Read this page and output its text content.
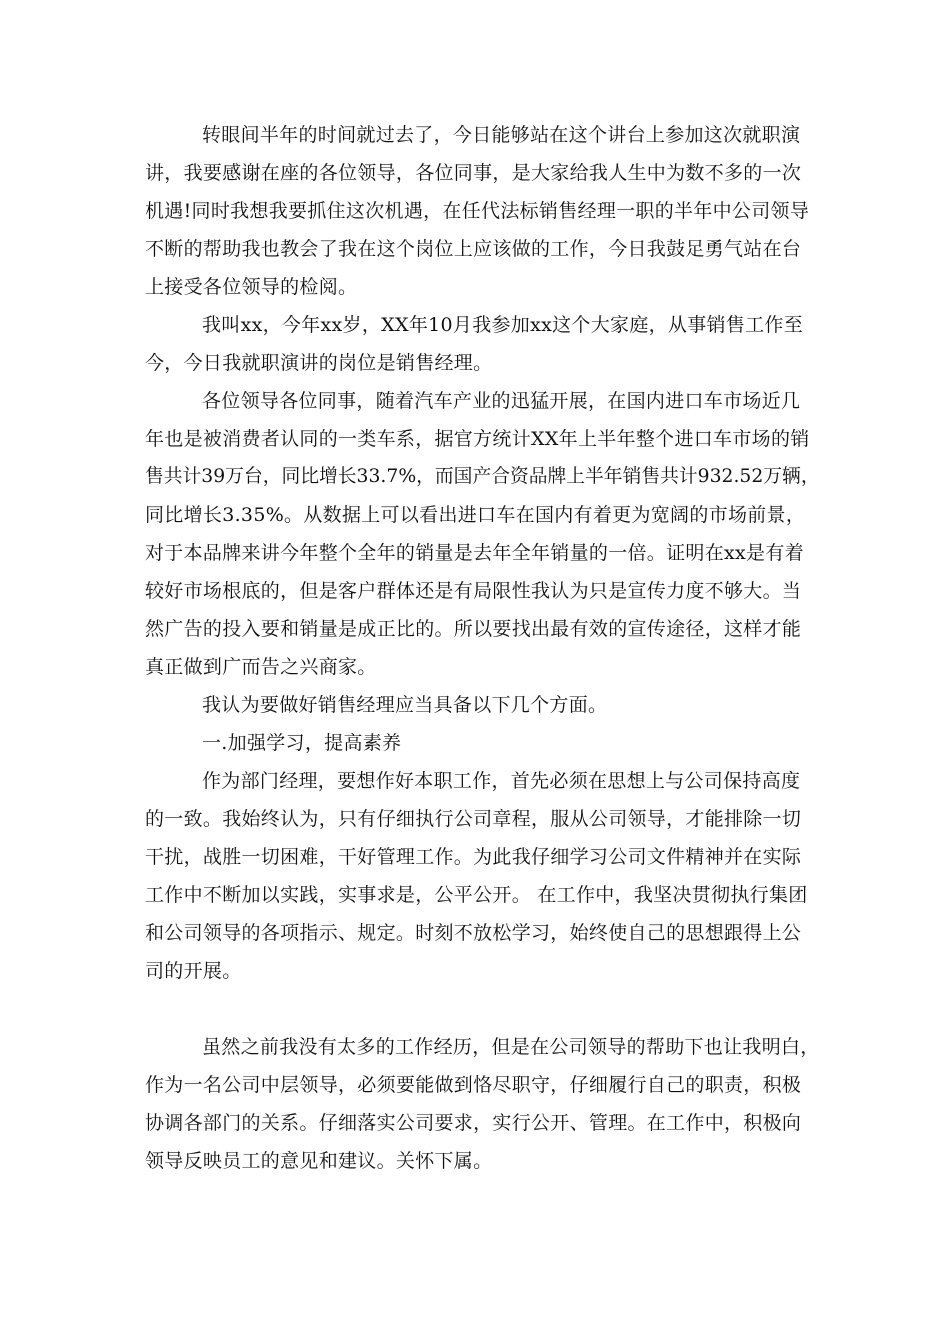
转眼间半年的时间就过去了，今日能够站在这个讲台上参加这次就职演
讲，我要感谢在座的各位领导，各位同事，是大家给我人生中为数不多的一次
机遇!同时我想我要抓住这次机遇，在任代法标销售经理一职的半年中公司领导
不断的帮助我也教会了我在这个岗位上应该做的工作，今日我鼓足勇气站在台
上接受各位领导的检阅。
我叫xx，今年xx岁，XX年10月我参加xx这个大家庭，从事销售工作至
今，今日我就职演讲的岗位是销售经理。
各位领导各位同事，随着汽车产业的迅猛开展，在国内进口车市场近几
年也是被消费者认同的一类车系，据官方统计XX年上半年整个进口车市场的销
售共计39万台，同比增长33.7%，而国产合资品牌上半年销售共计932.52万辆，
同比增长3.35%。从数据上可以看出进口车在国内有着更为宽阔的市场前景，
对于本品牌来讲今年整个全年的销量是去年全年销量的一倍。证明在xx是有着
较好市场根底的，但是客户群体还是有局限性我认为只是宣传力度不够大。当
然广告的投入要和销量是成正比的。所以要找出最有效的宣传途径，这样才能
真正做到广而告之兴商家。
我认为要做好销售经理应当具备以下几个方面。
一.加强学习，提高素养
作为部门经理，要想作好本职工作，首先必须在思想上与公司保持高度
的一致。我始终认为，只有仔细执行公司章程，服从公司领导，才能排除一切
干扰，战胜一切困难，干好管理工作。为此我仔细学习公司文件精神并在实际
工作中不断加以实践，实事求是，公平公开。 在工作中，我坚决贯彻执行集团
和公司领导的各项指示、规定。时刻不放松学习，始终使自己的思想跟得上公
司的开展。
虽然之前我没有太多的工作经历，但是在公司领导的帮助下也让我明白，
作为一名公司中层领导，必须要能做到恪尽职守，仔细履行自己的职责，积极
协调各部门的关系。仔细落实公司要求，实行公开、管理。在工作中，积极向
领导反映员工的意见和建议。关怀下属。
